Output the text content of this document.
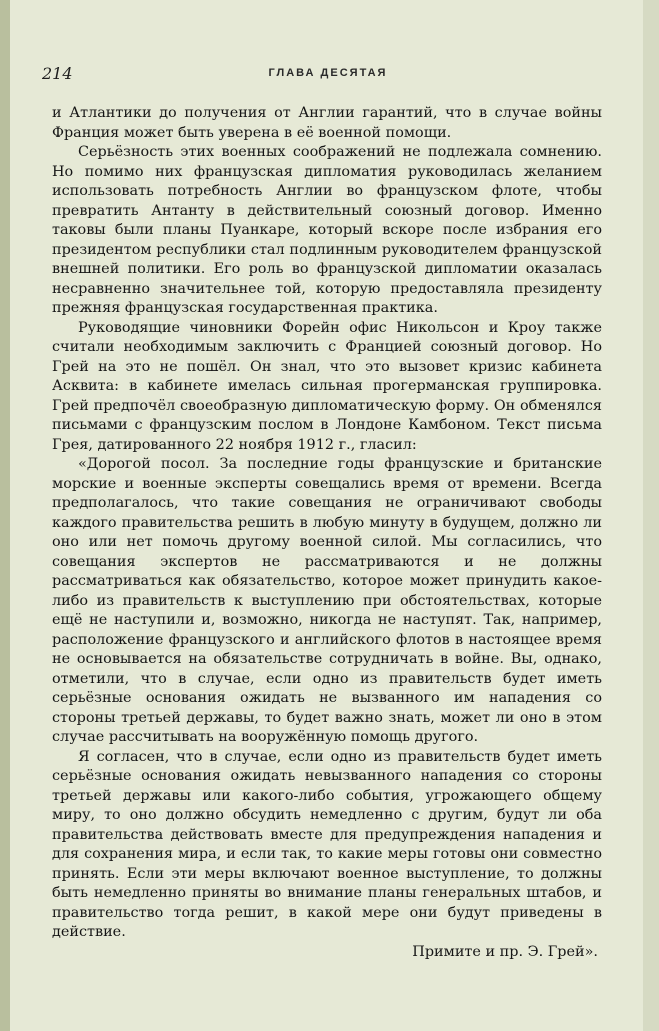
214	ГЛАВА ДЕСЯТАЯ

и Атлантики до получения от Англии гарантий, что в случае войны Франция может быть уверена в её военной помощи.

Серьёзность этих военных соображений не подлежала сомнению. Но помимо них французская дипломатия руководилась желанием использовать потребность Англии во французском флоте, чтобы превратить Антанту в действительный союзный договор. Именно таковы были планы Пуанкаре, который вскоре после избрания его президентом республики стал подлинным руководителем французской внешней политики. Его роль во французской дипломатии оказалась несравненно значительнее той, которую предоставляла президенту прежняя французская государственная практика.

Руководящие чиновники Форейн офис Никольсон и Кроу также считали необходимым заключить с Францией союзный договор. Но Грей на это не пошёл. Он знал, что это вызовет кризис кабинета Асквита: в кабинете имелась сильная прогерманская группировка. Грей предпочёл своеобразную дипломатическую форму. Он обменялся письмами с французским послом в Лондоне Камбоном. Текст письма Грея, датированного 22 ноября 1912 г., гласил:

«Дорогой посол. За последние годы французские и британские морские и военные эксперты совещались время от времени. Всегда предполагалось, что такие совещания не ограничивают свободы каждого правительства решить в любую минуту в будущем, должно ли оно или нет помочь другому военной силой. Мы согласились, что совещания экспертов не рассматриваются и не должны рассматриваться как обязательство, которое может принудить какое-либо из правительств к выступлению при обстоятельствах, которые ещё не наступили и, возможно, никогда не наступят. Так, например, расположение французского и английского флотов в настоящее время не основывается на обязательстве сотрудничать в войне. Вы, однако, отметили, что в случае, если одно из правительств будет иметь серьёзные основания ожидать не вызванного им нападения со стороны третьей державы, то будет важно знать, может ли оно в этом случае рассчитывать на вооружённую помощь другого.

Я согласен, что в случае, если одно из правительств будет иметь серьёзные основания ожидать невызванного нападения со стороны третьей державы или какого-либо события, угрожающего общему миру, то оно должно обсудить немедленно с другим, будут ли оба правительства действовать вместе для предупреждения нападения и для сохранения мира, и если так, то какие меры готовы они совместно принять. Если эти меры включают военное выступление, то должны быть немедленно приняты во внимание планы генеральных штабов, и правительство тогда решит, в какой мере они будут приведены в действие.

Примите и пр. Э. Грей».
